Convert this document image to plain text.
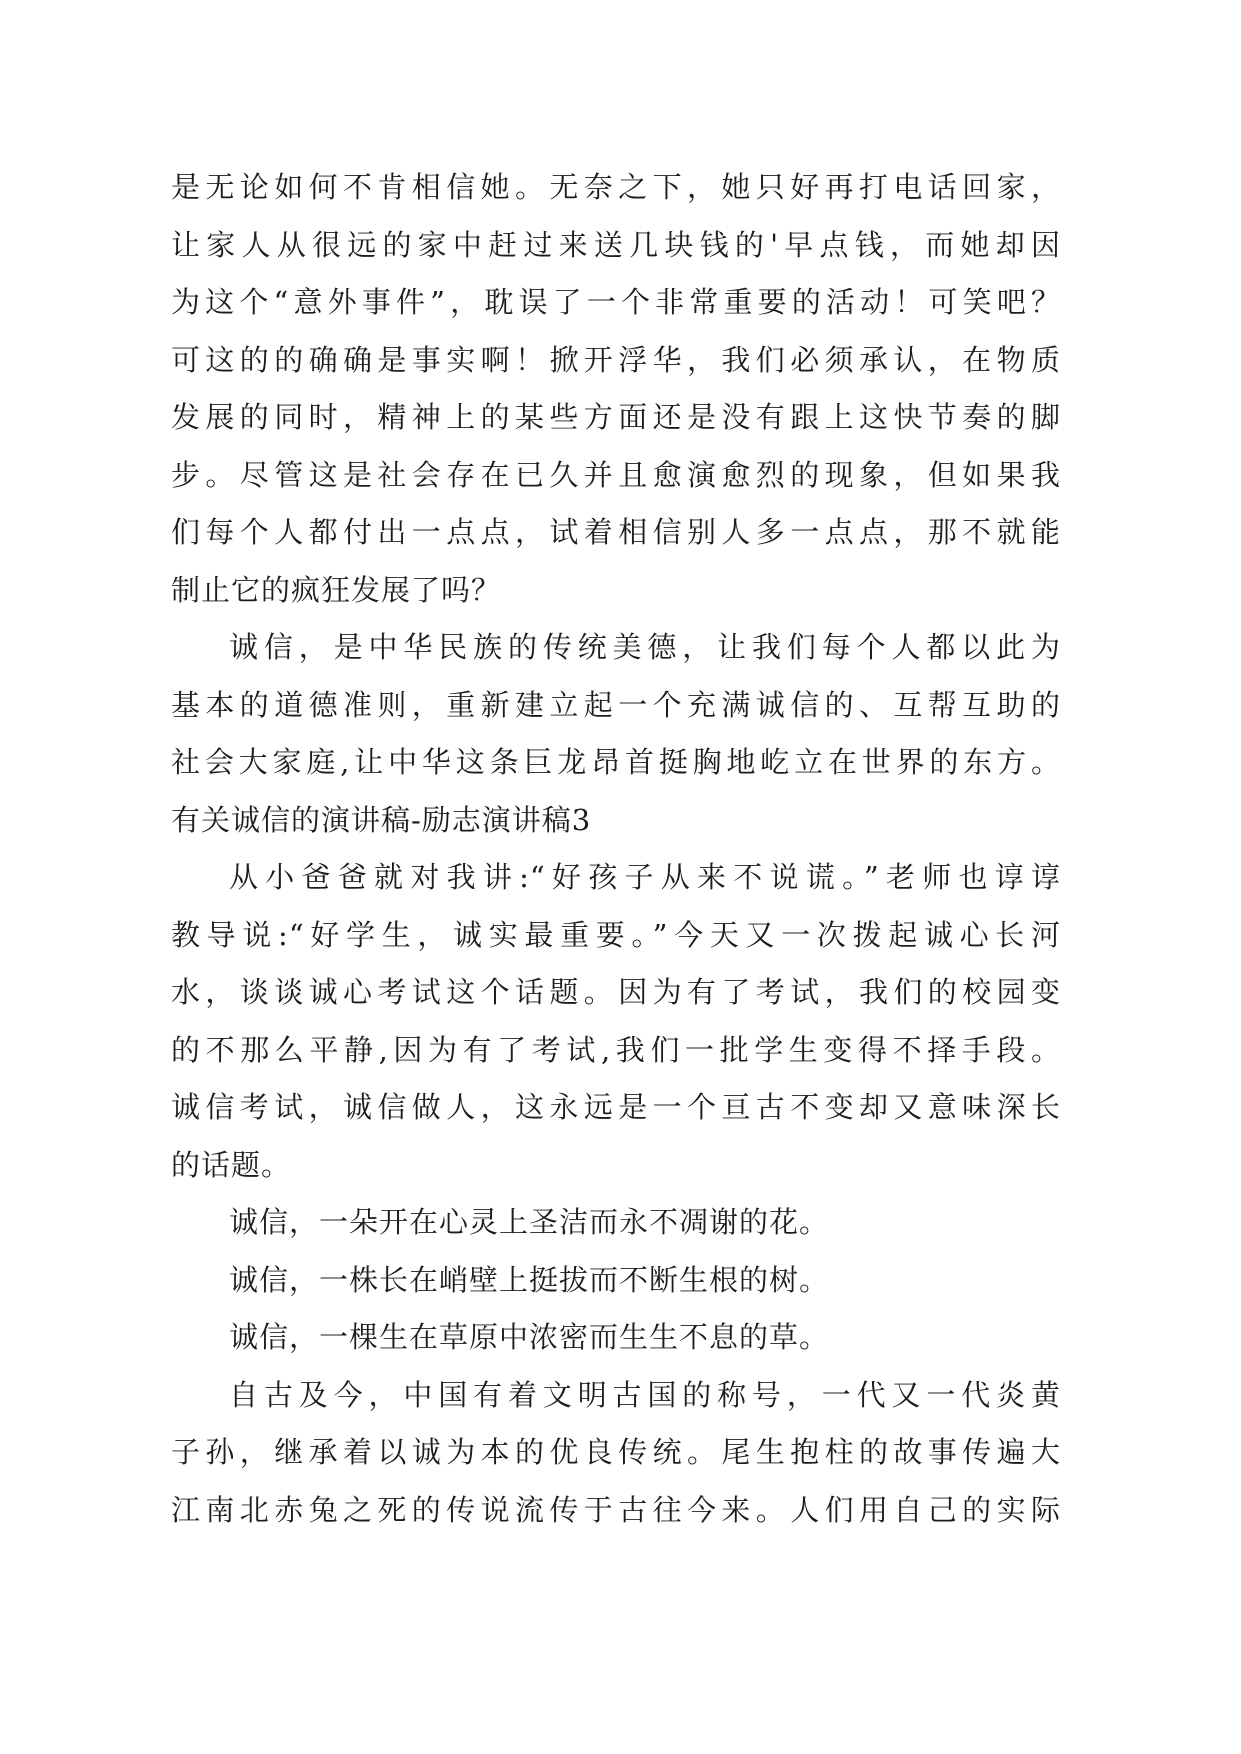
是无论如何不肯相信她。无奈之下，她只好再打电话回家，
让家人从很远的家中赶过来送几块钱的'早点钱，而她却因
为这个“意外事件”，耽误了一个非常重要的活动！可笑吧？
可这的的确确是事实啊！掀开浮华，我们必须承认，在物质
发展的同时，精神上的某些方面还是没有跟上这快节奏的脚
步。尽管这是社会存在已久并且愈演愈烈的现象，但如果我
们每个人都付出一点点，试着相信别人多一点点，那不就能
制止它的疯狂发展了吗？
诚信，是中华民族的传统美德，让我们每个人都以此为
基本的道德准则，重新建立起一个充满诚信的、互帮互助的
社会大家庭,让中华这条巨龙昂首挺胸地屹立在世界的东方。
有关诚信的演讲稿-励志演讲稿3
从小爸爸就对我讲:“好孩子从来不说谎。”老师也谆谆
教导说:“好学生，诚实最重要。”今天又一次拨起诚心长河
水，谈谈诚心考试这个话题。因为有了考试，我们的校园变
的不那么平静,因为有了考试,我们一批学生变得不择手段。
诚信考试，诚信做人，这永远是一个亘古不变却又意味深长
的话题。
诚信，一朵开在心灵上圣洁而永不凋谢的花。
诚信，一株长在峭壁上挺拔而不断生根的树。
诚信，一棵生在草原中浓密而生生不息的草。
自古及今，中国有着文明古国的称号，一代又一代炎黄
子孙，继承着以诚为本的优良传统。尾生抱柱的故事传遍大
江南北赤兔之死的传说流传于古往今来。人们用自己的实际
